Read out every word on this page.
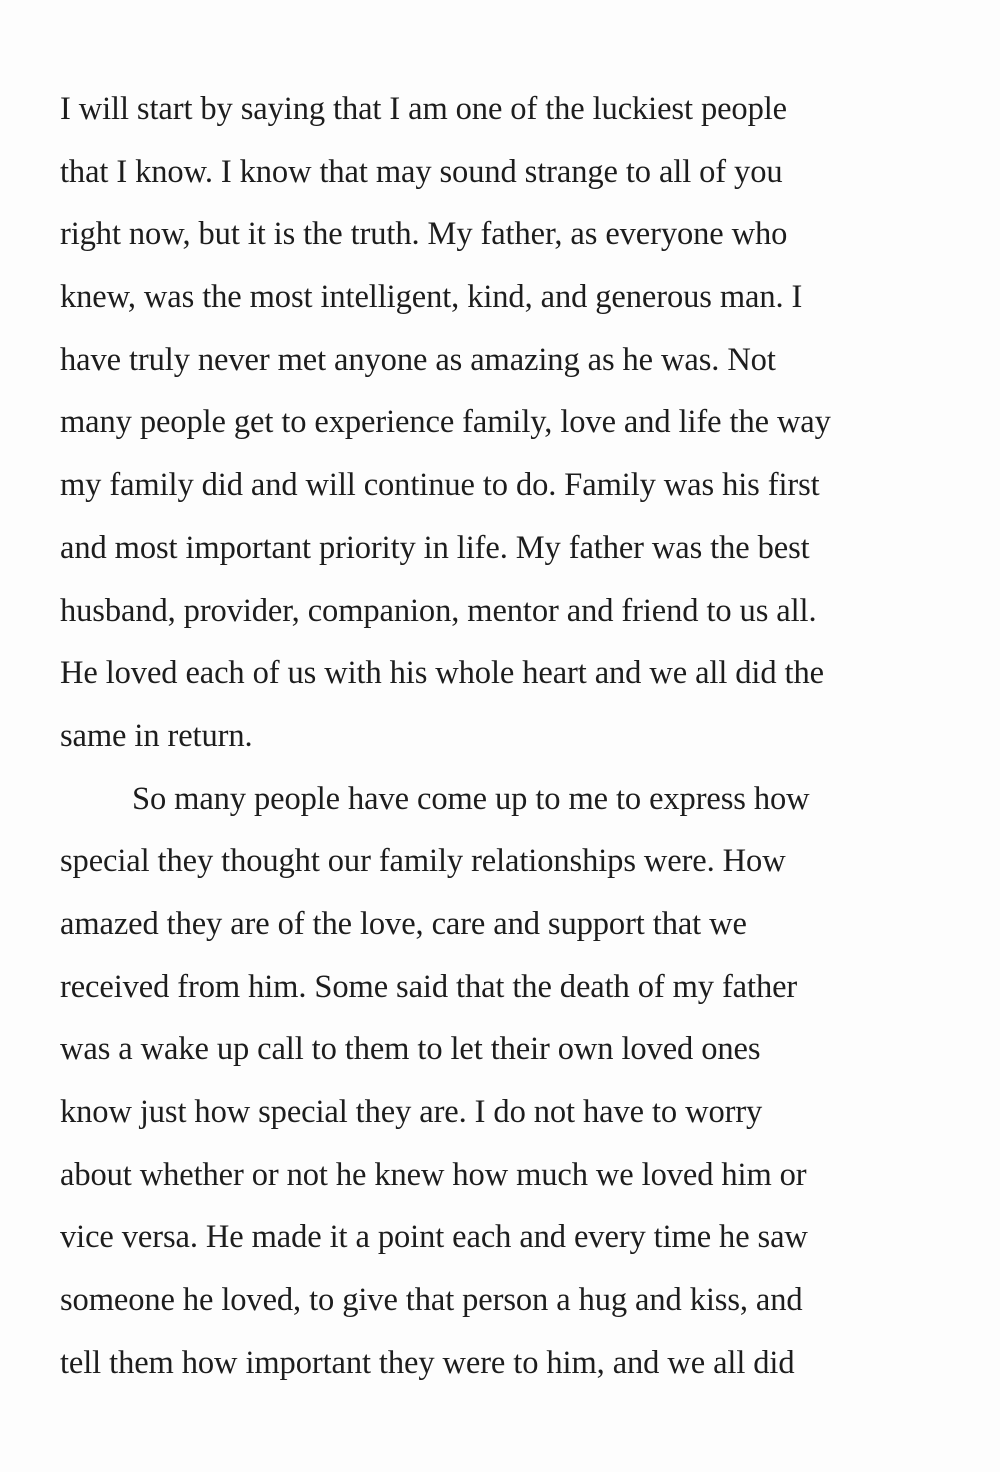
I will start by saying that I am one of the luckiest people
that I know. I know that may sound strange to all of you
right now, but it is the truth. My father, as everyone who
knew, was the most intelligent, kind, and generous man. I
have truly never met anyone as amazing as he was. Not
many people get to experience family, love and life the way
my family did and will continue to do. Family was his first
and most important priority in life. My father was the best
husband, provider, companion, mentor and friend to us all.
He loved each of us with his whole heart and we all did the
same in return.
So many people have come up to me to express how
special they thought our family relationships were. How
amazed they are of the love, care and support that we
received from him. Some said that the death of my father
was a wake up call to them to let their own loved ones
know just how special they are. I do not have to worry
about whether or not he knew how much we loved him or
vice versa. He made it a point each and every time he saw
someone he loved, to give that person a hug and kiss, and
tell them how important they were to him, and we all did
